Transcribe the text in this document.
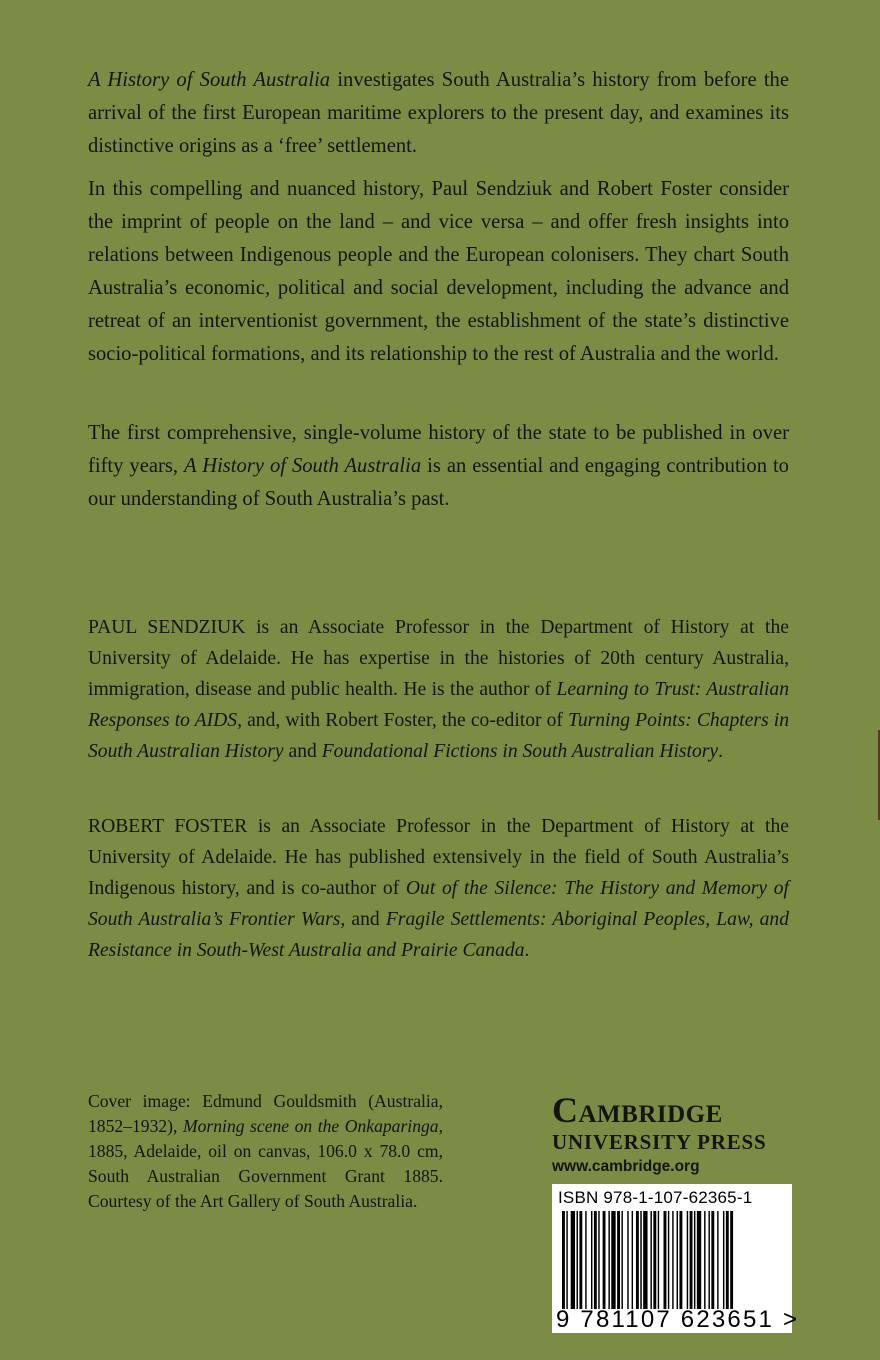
A History of South Australia investigates South Australia’s history from before the arrival of the first European maritime explorers to the present day, and examines its distinctive origins as a ‘free’ settlement.

In this compelling and nuanced history, Paul Sendziuk and Robert Foster consider the imprint of people on the land – and vice versa – and offer fresh insights into relations between Indigenous people and the European colonisers. They chart South Australia’s economic, political and social development, including the advance and retreat of an interventionist government, the establishment of the state’s distinctive socio-political formations, and its relationship to the rest of Australia and the world.

The first comprehensive, single-volume history of the state to be published in over fifty years, A History of South Australia is an essential and engaging contribution to our understanding of South Australia’s past.

PAUL SENDZIUK is an Associate Professor in the Department of History at the University of Adelaide. He has expertise in the histories of 20th century Australia, immigration, disease and public health. He is the author of Learning to Trust: Australian Responses to AIDS, and, with Robert Foster, the co-editor of Turning Points: Chapters in South Australian History and Foundational Fictions in South Australian History.

ROBERT FOSTER is an Associate Professor in the Department of History at the University of Adelaide. He has published extensively in the field of South Australia’s Indigenous history, and is co-author of Out of the Silence: The History and Memory of South Australia’s Frontier Wars, and Fragile Settlements: Aboriginal Peoples, Law, and Resistance in South-West Australia and Prairie Canada.

Cover image: Edmund Gouldsmith (Australia, 1852–1932), Morning scene on the Onkaparinga, 1885, Adelaide, oil on canvas, 106.0 x 78.0 cm, South Australian Government Grant 1885. Courtesy of the Art Gallery of South Australia.

Cambridge
UNIVERSITY PRESS
www.cambridge.org
ISBN 978-1-107-62365-1
9 781107 623651 >
